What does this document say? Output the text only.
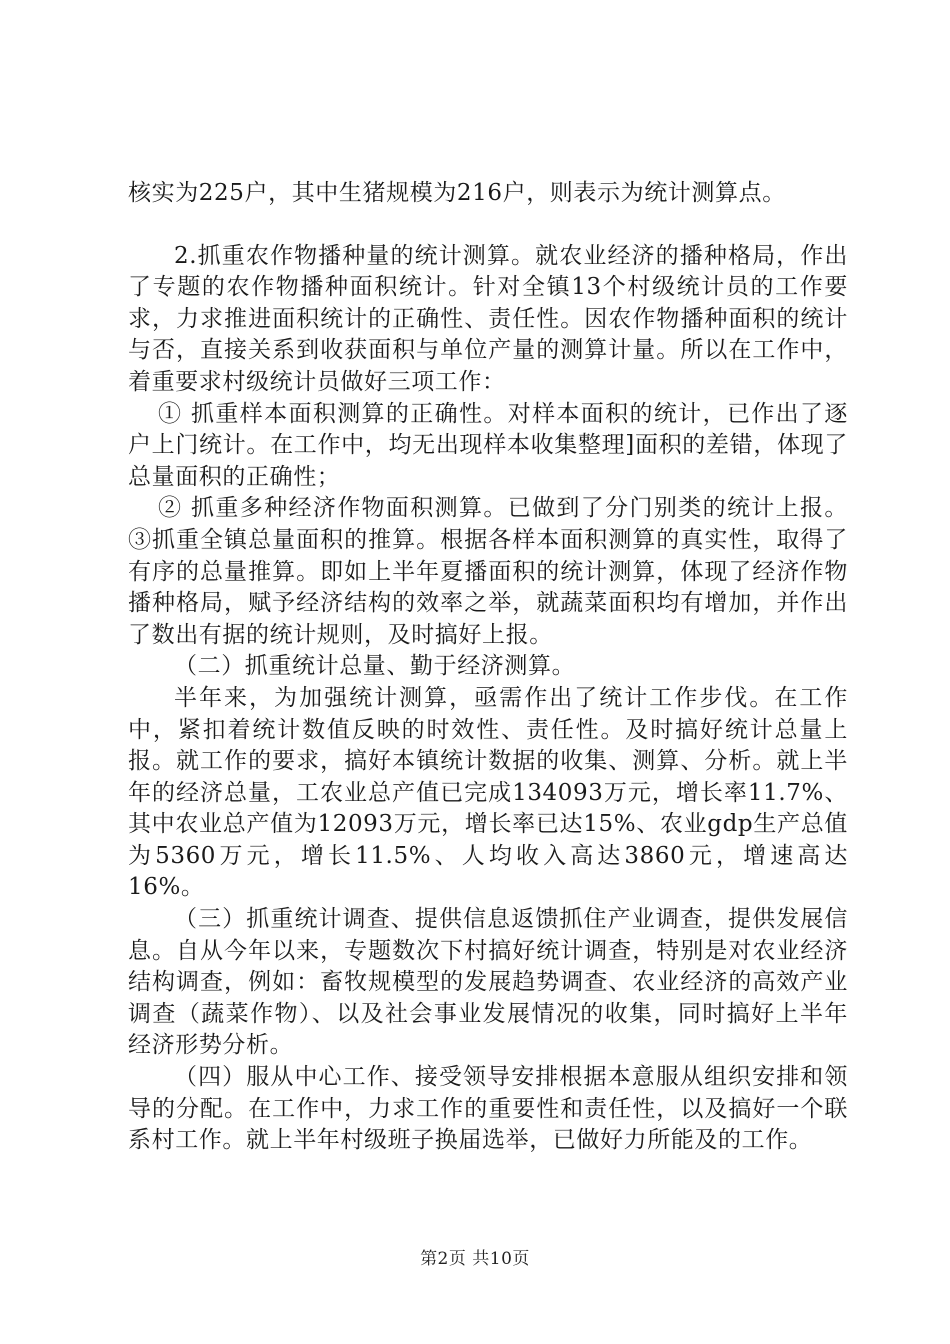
核实为225户，其中生猪规模为216户，则表示为统计测算点。

2.抓重农作物播种量的统计测算。就农业经济的播种格局，作出了专题的农作物播种面积统计。针对全镇13个村级统计员的工作要求，力求推进面积统计的正确性、责任性。因农作物播种面积的统计与否，直接关系到收获面积与单位产量的测算计量。所以在工作中，着重要求村级统计员做好三项工作：

① 抓重样本面积测算的正确性。对样本面积的统计，已作出了逐户上门统计。在工作中，均无出现样本收集整理]面积的差错，体现了总量面积的正确性；

② 抓重多种经济作物面积测算。已做到了分门别类的统计上报。③抓重全镇总量面积的推算。根据各样本面积测算的真实性，取得了有序的总量推算。即如上半年夏播面积的统计测算，体现了经济作物播种格局，赋予经济结构的效率之举，就蔬菜面积均有增加，并作出了数出有据的统计规则，及时搞好上报。

（二）抓重统计总量、勤于经济测算。

半年来，为加强统计测算，亟需作出了统计工作步伐。在工作中，紧扣着统计数值反映的时效性、责任性。及时搞好统计总量上报。就工作的要求，搞好本镇统计数据的收集、测算、分析。就上半年的经济总量，工农业总产值已完成134093万元，增长率11.7%、其中农业总产值为12093万元，增长率已达15%、农业gdp生产总值为5360万元，增长11.5%、人均收入高达3860元，增速高达16%。

（三）抓重统计调查、提供信息返馈抓住产业调查，提供发展信息。自从今年以来，专题数次下村搞好统计调查，特别是对农业经济结构调查，例如：畜牧规模型的发展趋势调查、农业经济的高效产业调查（蔬菜作物）、以及社会事业发展情况的收集，同时搞好上半年经济形势分析。

（四）服从中心工作、接受领导安排根据本意服从组织安排和领导的分配。在工作中，力求工作的重要性和责任性，以及搞好一个联系村工作。就上半年村级班子换届选举，已做好力所能及的工作。

第2页 共10页
